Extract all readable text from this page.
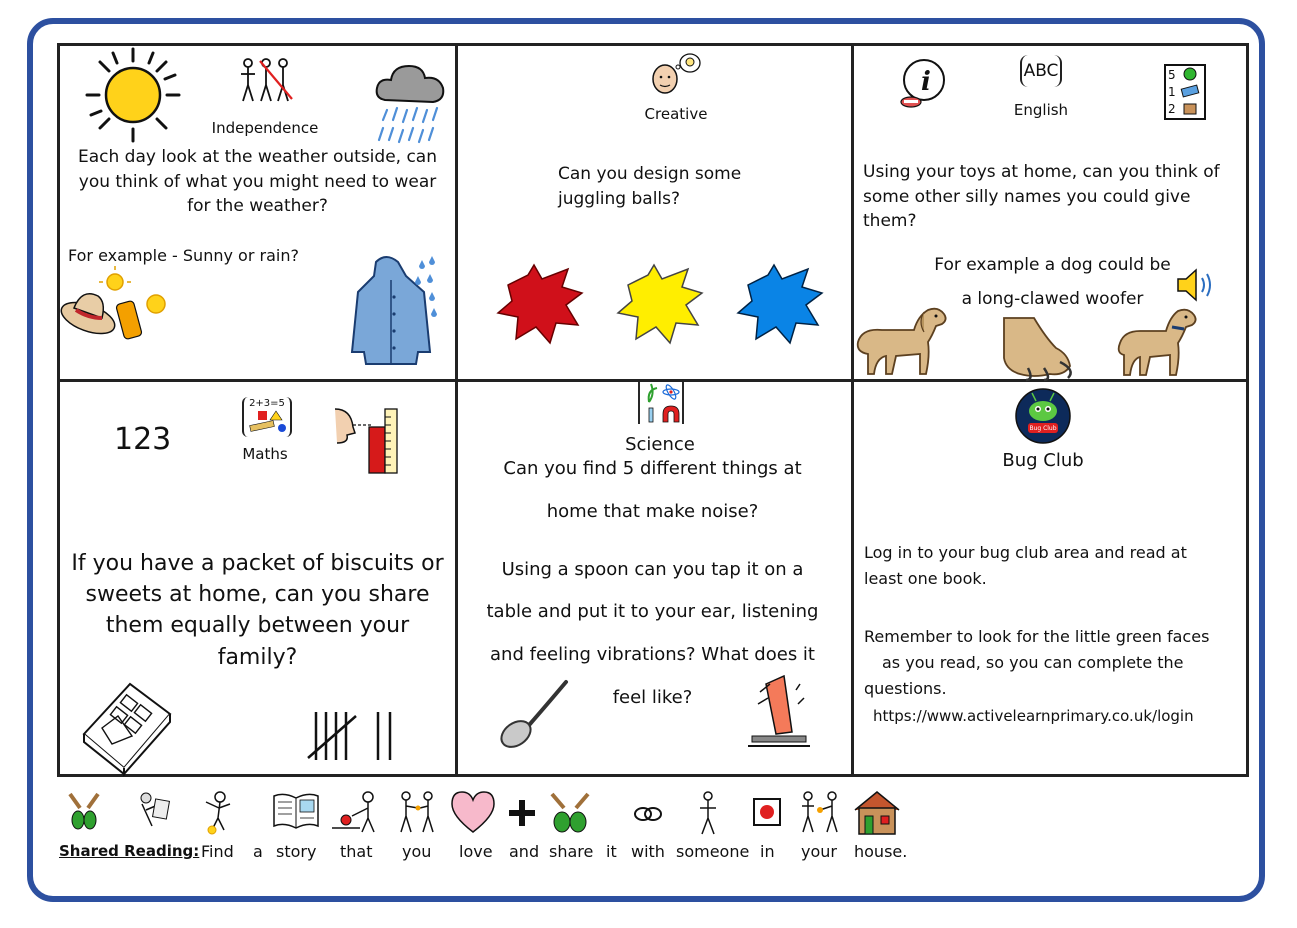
Independence
Each day look at the weather outside, can you think of what you might need to wear for the weather?
For example - Sunny or rain?
Creative
Can you design some juggling balls?
i	ABC
English
5
1
2
Using your toys at home, can you think of some other silly names you could give them?
For example a dog could be
a long-clawed woofer
123
2+3=5
Maths
If you have a packet of biscuits or sweets at home, can you share them equally between your family?
Science
Can you find 5 different things at
home that make noise?
Using a spoon can you tap it on a
table and put it to your ear, listening
and feeling vibrations? What does it
feel like?
Bug Club
Bug Club
Log in to your bug club area and read at least one book.
Remember to look for the little green faces
as you read, so you can complete the
questions.
https://www.activelearnprimary.co.uk/login
Shared Reading: Find a story that you love and share it with someone in your house.
